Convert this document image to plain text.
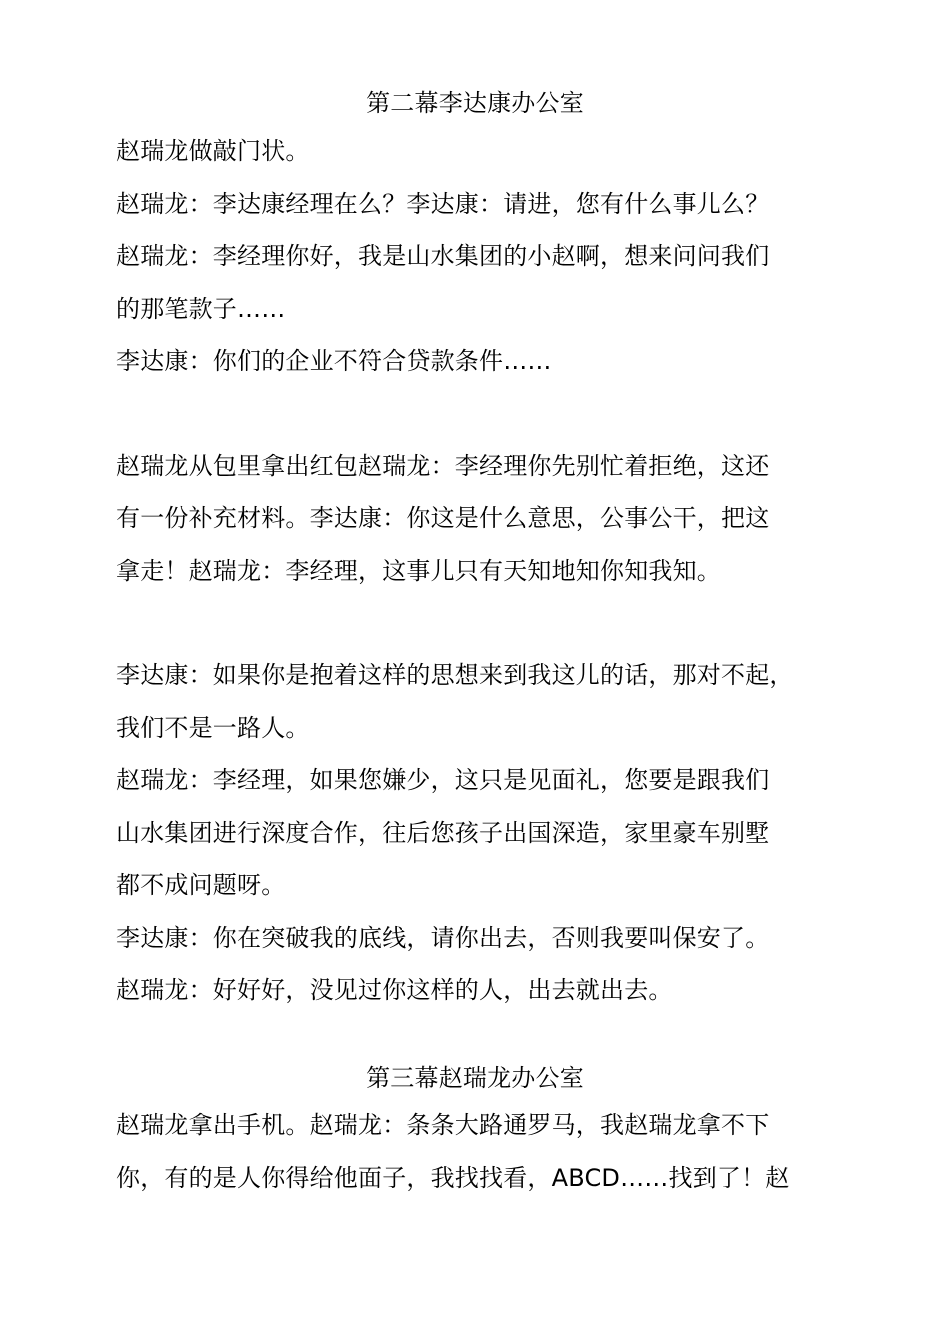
第二幕李达康办公室
赵瑞龙做敲门状。
赵瑞龙：李达康经理在么？李达康：请进，您有什么事儿么？
赵瑞龙：李经理你好，我是山水集团的小赵啊，想来问问我们
的那笔款子……
李达康：你们的企业不符合贷款条件……
赵瑞龙从包里拿出红包赵瑞龙：李经理你先别忙着拒绝，这还
有一份补充材料。李达康：你这是什么意思，公事公干，把这
拿走！赵瑞龙：李经理，这事儿只有天知地知你知我知。
李达康：如果你是抱着这样的思想来到我这儿的话，那对不起，
我们不是一路人。
赵瑞龙：李经理，如果您嫌少，这只是见面礼，您要是跟我们
山水集团进行深度合作，往后您孩子出国深造，家里豪车别墅
都不成问题呀。
李达康：你在突破我的底线，请你出去，否则我要叫保安了。
赵瑞龙：好好好，没见过你这样的人，出去就出去。
第三幕赵瑞龙办公室
赵瑞龙拿出手机。赵瑞龙：条条大路通罗马，我赵瑞龙拿不下
你，有的是人你得给他面子，我找找看，ABCD……找到了！赵
